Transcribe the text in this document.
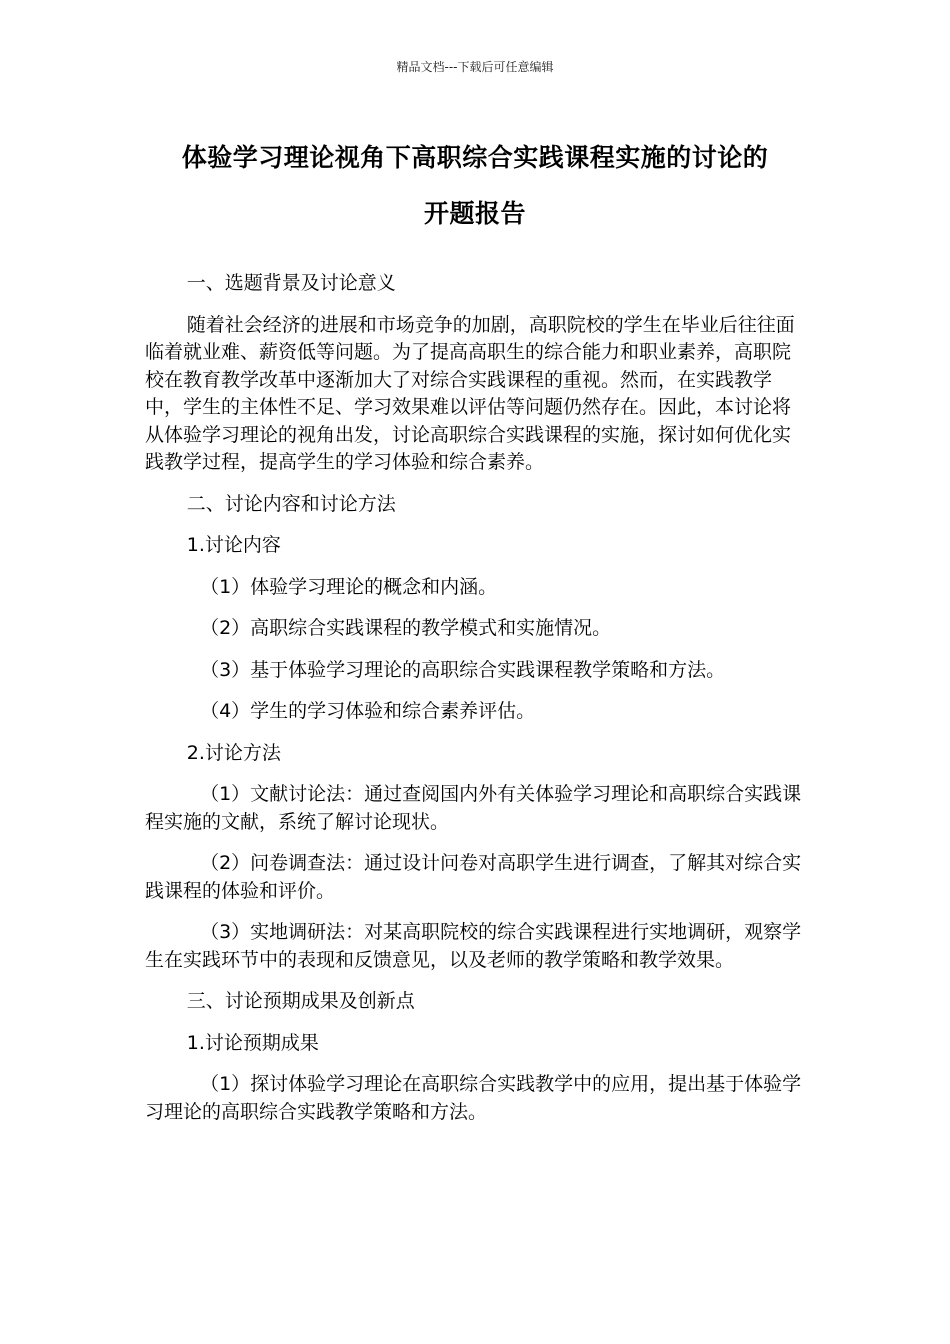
精品文档---下载后可任意编辑
体验学习理论视角下高职综合实践课程实施的讨论的
开题报告

一、选题背景及讨论意义

随着社会经济的进展和市场竞争的加剧，高职院校的学生在毕业后往往面临着就业难、薪资低等问题。为了提高高职生的综合能力和职业素养，高职院校在教育教学改革中逐渐加大了对综合实践课程的重视。然而，在实践教学中，学生的主体性不足、学习效果难以评估等问题仍然存在。因此，本讨论将从体验学习理论的视角出发，讨论高职综合实践课程的实施，探讨如何优化实践教学过程，提高学生的学习体验和综合素养。

二、讨论内容和讨论方法

1.讨论内容

（1）体验学习理论的概念和内涵。

（2）高职综合实践课程的教学模式和实施情况。

（3）基于体验学习理论的高职综合实践课程教学策略和方法。

（4）学生的学习体验和综合素养评估。

2.讨论方法

（1）文献讨论法：通过查阅国内外有关体验学习理论和高职综合实践课程实施的文献，系统了解讨论现状。

（2）问卷调查法：通过设计问卷对高职学生进行调查，了解其对综合实践课程的体验和评价。

（3）实地调研法：对某高职院校的综合实践课程进行实地调研，观察学生在实践环节中的表现和反馈意见，以及老师的教学策略和教学效果。

三、讨论预期成果及创新点

1.讨论预期成果

（1）探讨体验学习理论在高职综合实践教学中的应用，提出基于体验学习理论的高职综合实践教学策略和方法。
